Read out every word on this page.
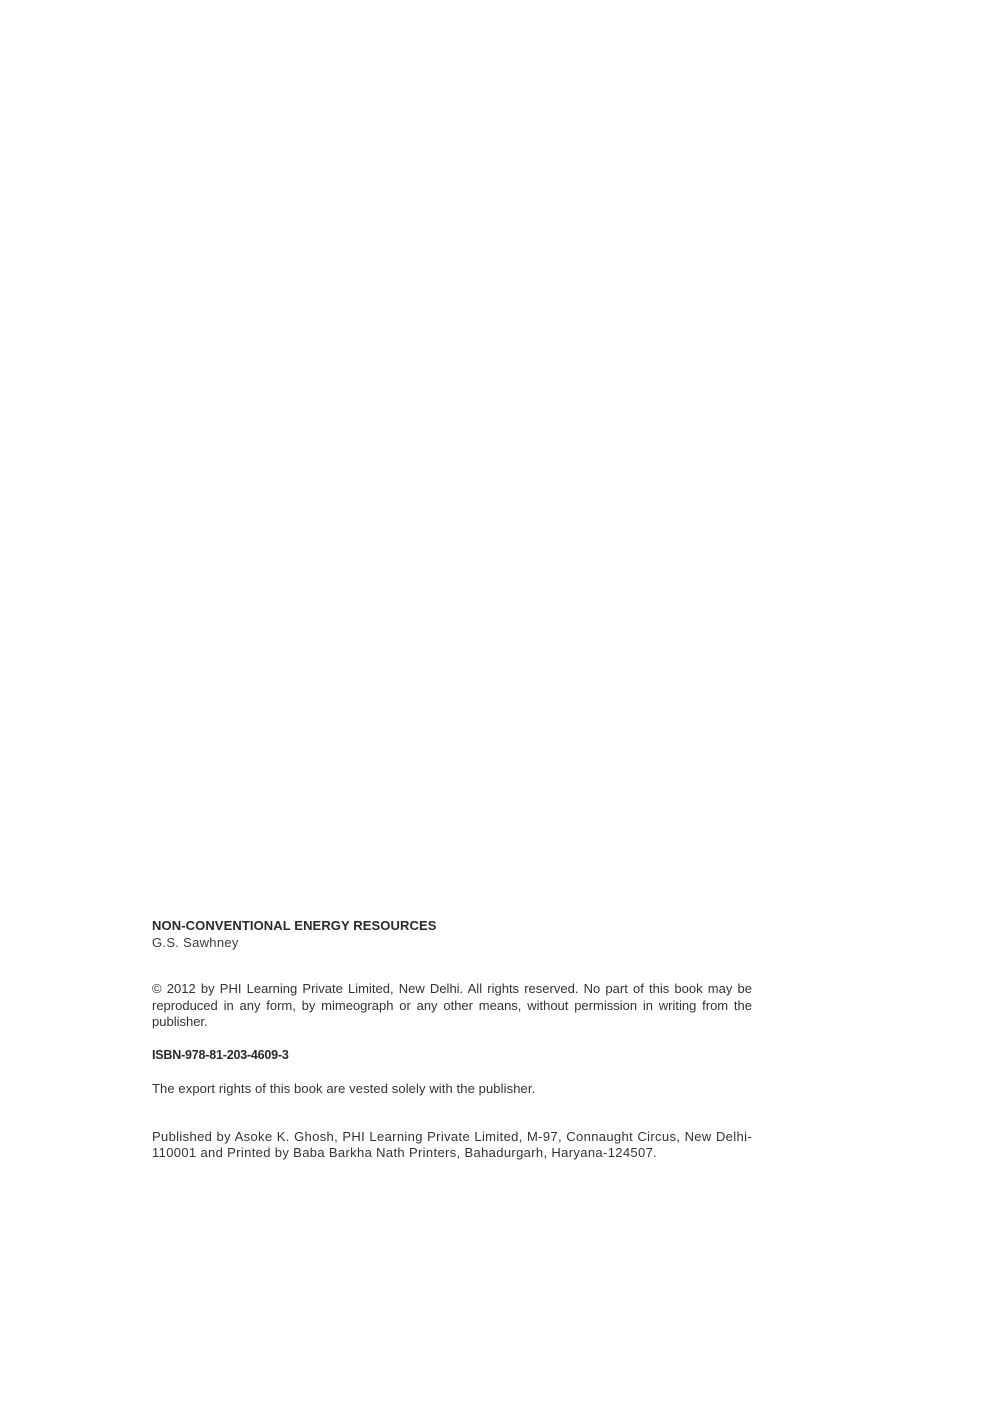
NON-CONVENTIONAL ENERGY RESOURCES

G.S. Sawhney

© 2012 by PHI Learning Private Limited, New Delhi. All rights reserved. No part of this book may be reproduced in any form, by mimeograph or any other means, without permission in writing from the publisher.

ISBN-978-81-203-4609-3

The export rights of this book are vested solely with the publisher.

Published by Asoke K. Ghosh, PHI Learning Private Limited, M-97, Connaught Circus, New Delhi-110001 and Printed by Baba Barkha Nath Printers, Bahadurgarh, Haryana-124507.
